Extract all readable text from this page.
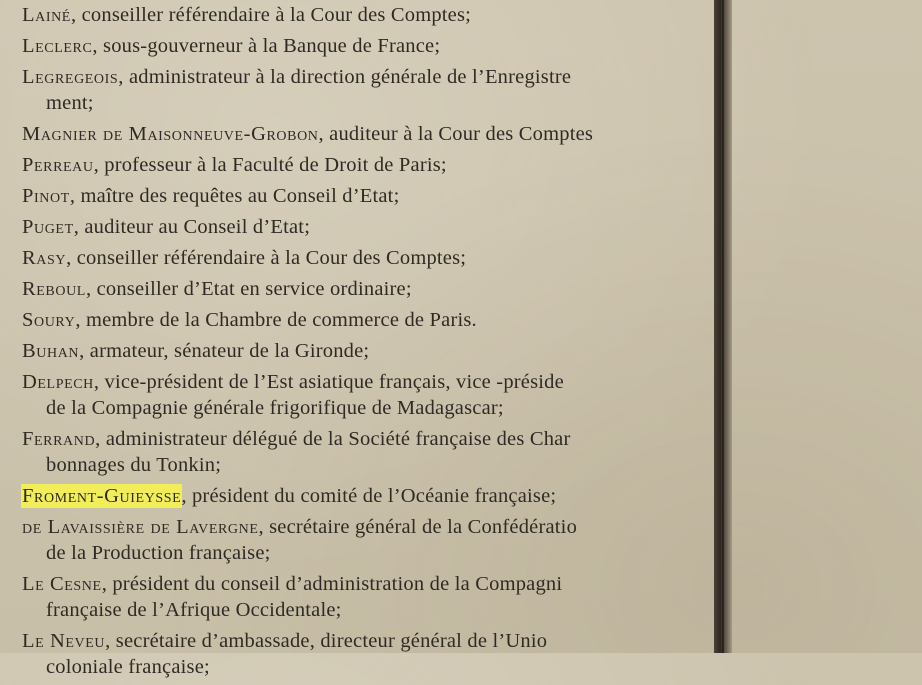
Lainé, conseiller référendaire à la Cour des Comptes;
Leclerc, sous-gouverneur à la Banque de France;
Legregeois, administrateur à la direction générale de l’Enregistre
ment;
Magnier de Maisonneuve-Grobon, auditeur à la Cour des Comptes
Perreau, professeur à la Faculté de Droit de Paris;
Pinot, maître des requêtes au Conseil d’Etat;
Puget, auditeur au Conseil d’Etat;
Rasy, conseiller référendaire à la Cour des Comptes;
Reboul, conseiller d’Etat en service ordinaire;
Soury, membre de la Chambre de commerce de Paris.
Buhan, armateur, sénateur de la Gironde;
Delpech, vice-président de l’Est asiatique français, vice -préside
de la Compagnie générale frigorifique de Madagascar;
Ferrand, administrateur délégué de la Société française des Char
bonnages du Tonkin;
Froment-Guieysse, président du comité de l’Océanie française;
de Lavaissière de Lavergne, secrétaire général de la Confédératio
de la Production française;
Le Cesne, président du conseil d’administration de la Compagni
française de l’Afrique Occidentale;
Le Neveu, secrétaire d’ambassade, directeur général de l’Unio
coloniale française;
